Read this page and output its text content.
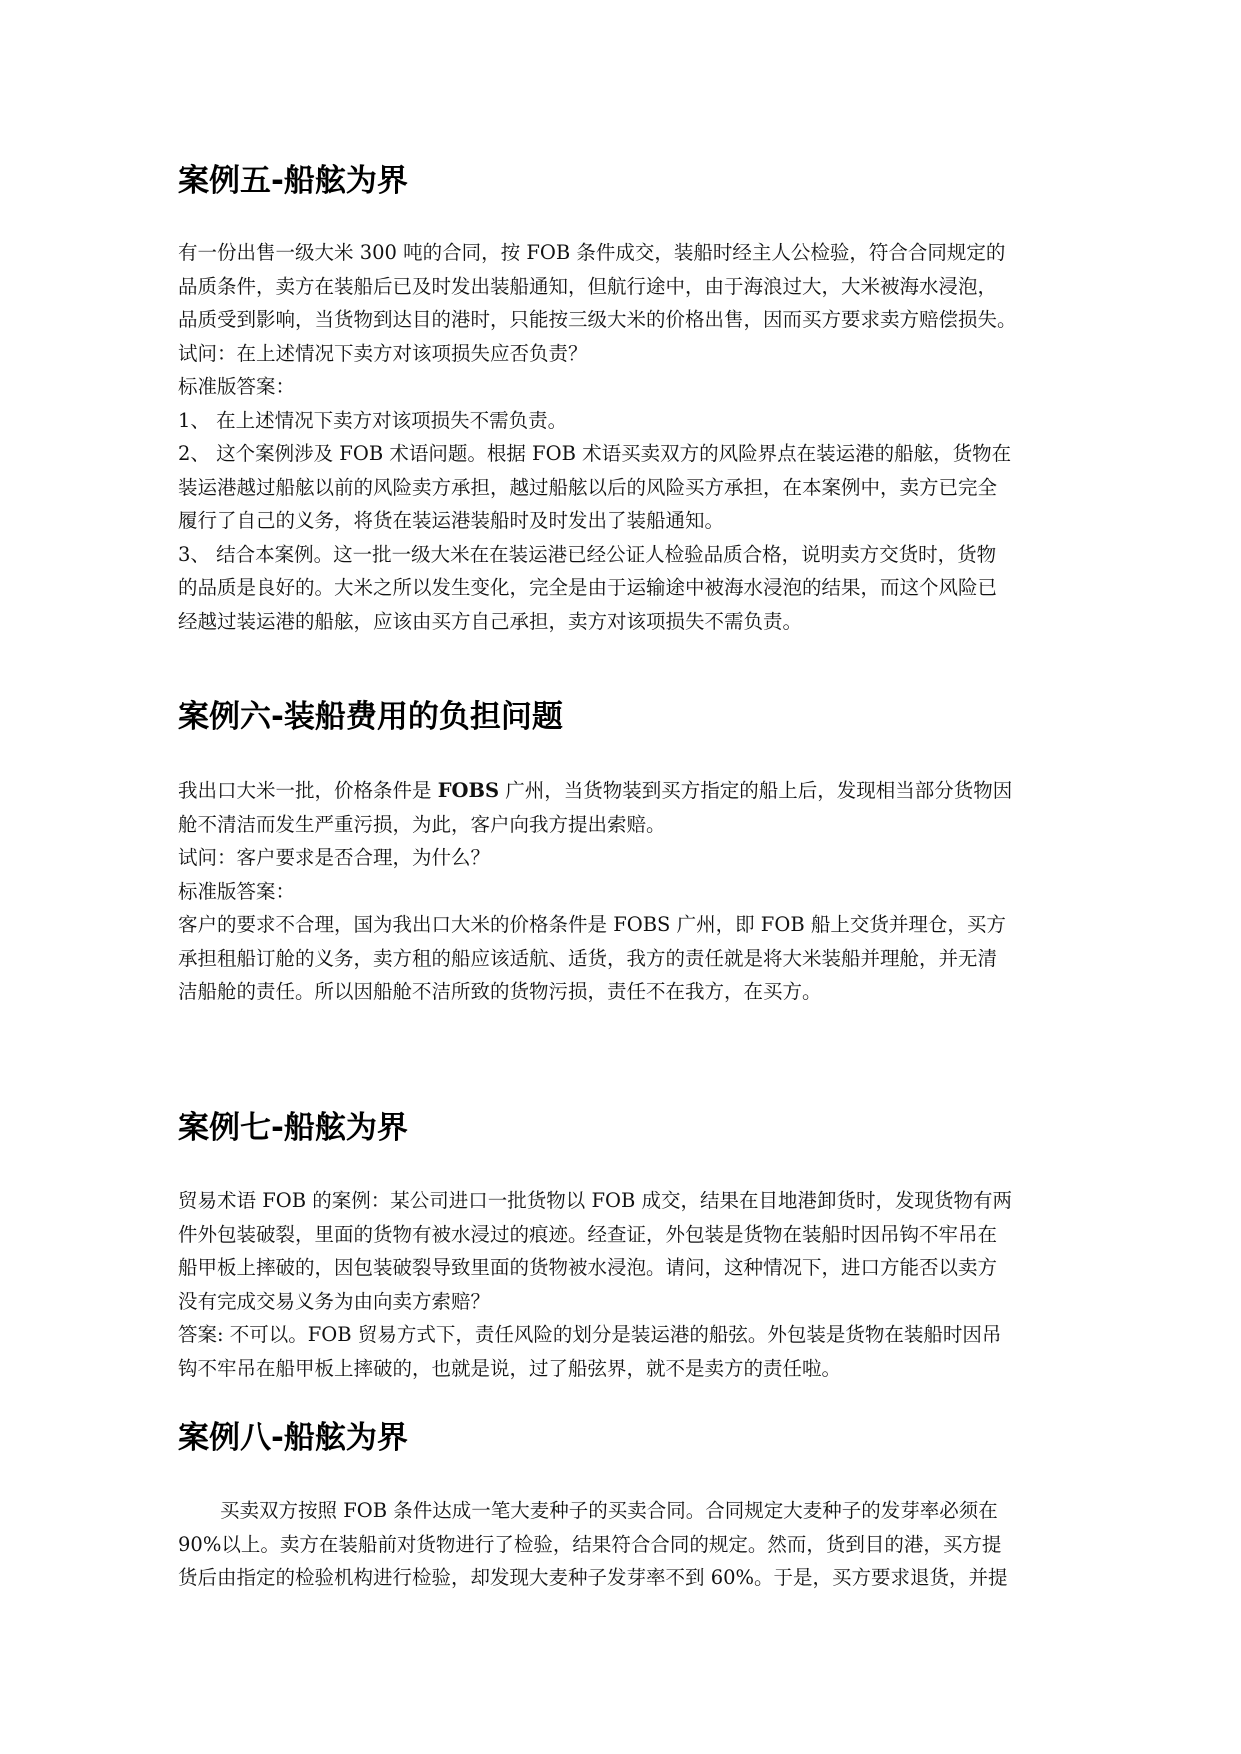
案例五-船舷为界
有一份出售一级大米 300 吨的合同，按 FOB 条件成交，装船时经主人公检验，符合合同规定的
品质条件，卖方在装船后已及时发出装船通知，但航行途中，由于海浪过大，大米被海水浸泡，
品质受到影响，当货物到达目的港时，只能按三级大米的价格出售，因而买方要求卖方赔偿损失。
试问：在上述情况下卖方对该项损失应否负责？
标准版答案：
1、 在上述情况下卖方对该项损失不需负责。
2、 这个案例涉及 FOB 术语问题。根据 FOB 术语买卖双方的风险界点在装运港的船舷，货物在
装运港越过船舷以前的风险卖方承担，越过船舷以后的风险买方承担，在本案例中，卖方已完全
履行了自己的义务，将货在装运港装船时及时发出了装船通知。
3、 结合本案例。这一批一级大米在在装运港已经公证人检验品质合格，说明卖方交货时，货物
的品质是良好的。大米之所以发生变化，完全是由于运输途中被海水浸泡的结果，而这个风险已
经越过装运港的船舷，应该由买方自己承担，卖方对该项损失不需负责。
案例六-装船费用的负担问题
我出口大米一批，价格条件是 FOBS 广州，当货物装到买方指定的船上后，发现相当部分货物因
舱不清洁而发生严重污损，为此，客户向我方提出索赔。
试问：客户要求是否合理，为什么？
标准版答案：
客户的要求不合理，国为我出口大米的价格条件是 FOBS 广州，即 FOB 船上交货并理仓，买方
承担租船订舱的义务，卖方租的船应该适航、适货，我方的责任就是将大米装船并理舱，并无清
洁船舱的责任。所以因船舱不洁所致的货物污损，责任不在我方，在买方。
案例七-船舷为界
贸易术语 FOB 的案例：某公司进口一批货物以 FOB 成交，结果在目地港卸货时，发现货物有两
件外包装破裂，里面的货物有被水浸过的痕迹。经查证，外包装是货物在装船时因吊钩不牢吊在
船甲板上摔破的，因包装破裂导致里面的货物被水浸泡。请问，这种情况下，进口方能否以卖方
没有完成交易义务为由向卖方索赔？
答案: 不可以。FOB 贸易方式下，责任风险的划分是装运港的船弦。外包装是货物在装船时因吊
钩不牢吊在船甲板上摔破的，也就是说，过了船弦界，就不是卖方的责任啦。
案例八-船舷为界
买卖双方按照 FOB 条件达成一笔大麦种子的买卖合同。合同规定大麦种子的发芽率必须在
90%以上。卖方在装船前对货物进行了检验，结果符合合同的规定。然而，货到目的港，买方提
货后由指定的检验机构进行检验，却发现大麦种子发芽率不到 60%。于是，买方要求退货，并提
